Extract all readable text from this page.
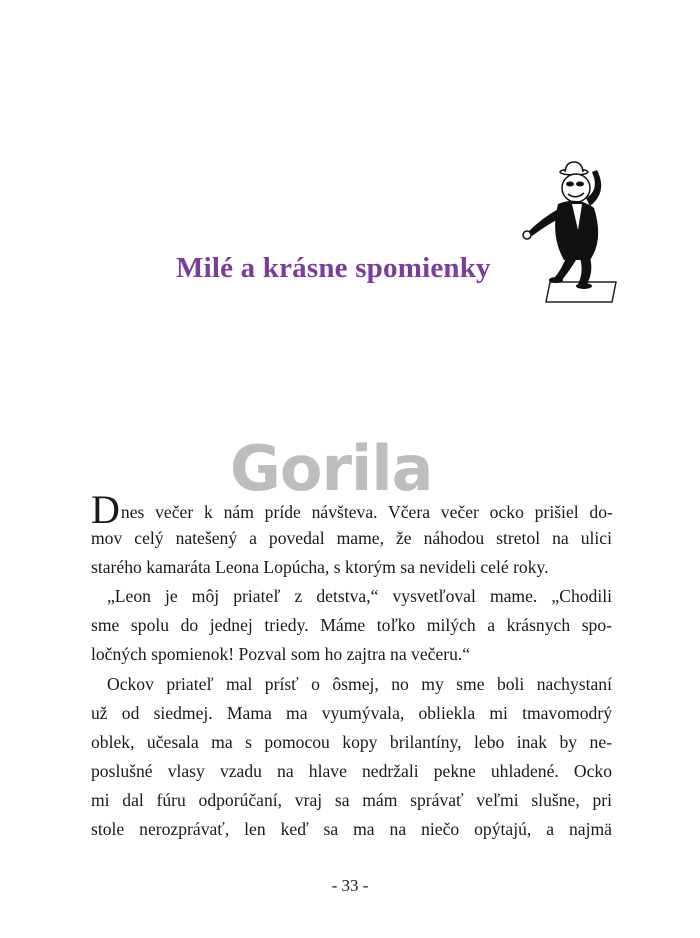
Milé a krásne spomienky
Gorila
Dnes večer k nám príde návšteva. Včera večer ocko prišiel do-
mov celý natešený a povedal mame, že náhodou stretol na ulici
starého kamaráta Leona Lopúcha, s ktorým sa nevideli celé roky.
„Leon je môj priateľ z detstva,“ vysvetľoval mame. „Chodili
sme spolu do jednej triedy. Máme toľko milých a krásnych spo-
ločných spomienok! Pozval som ho zajtra na večeru.“
Ockov priateľ mal prísť o ôsmej, no my sme boli nachystaní
už od siedmej. Mama ma vyumývala, obliekla mi tmavomodrý
oblek, učesala ma s pomocou kopy brilantíny, lebo inak by ne-
poslušné vlasy vzadu na hlave nedržali pekne uhladené. Ocko
mi dal fúru odporúčaní, vraj sa mám správať veľmi slušne, pri
stole nerozprávať, len keď sa ma na niečo opýtajú, a najmä
- 33 -
